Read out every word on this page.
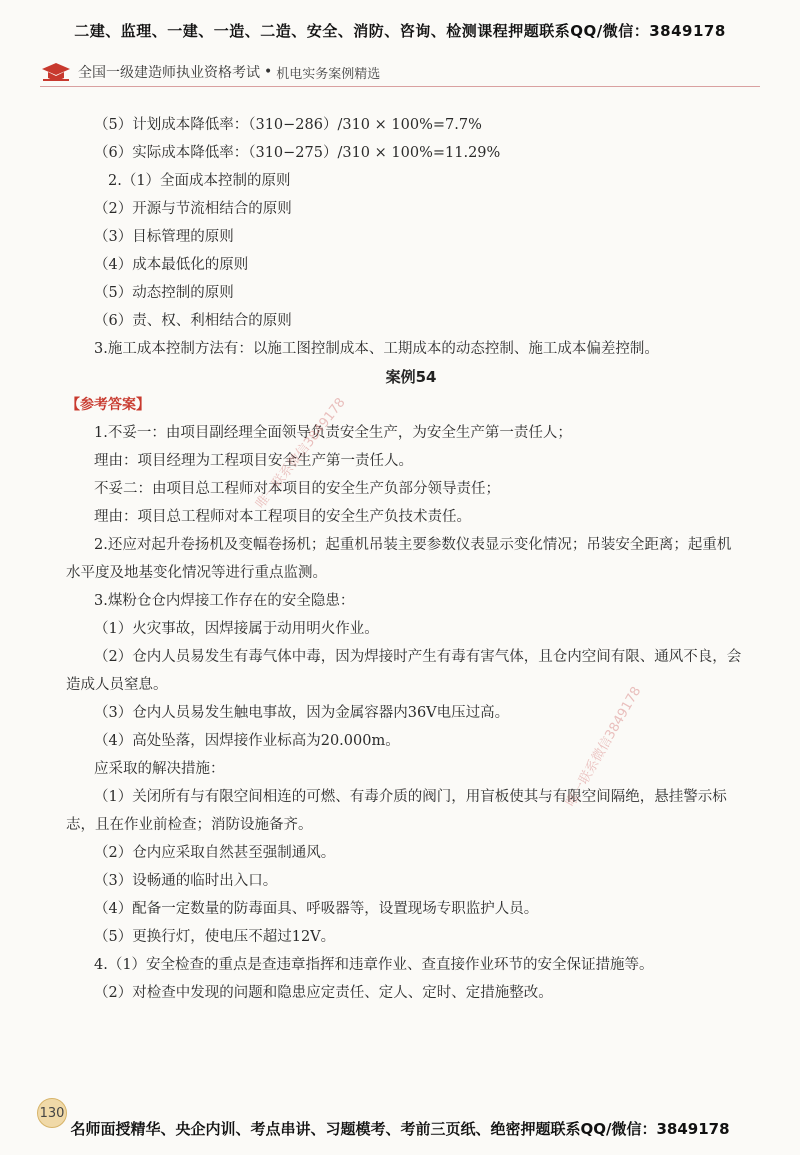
二建、监理、一建、一造、二造、安全、消防、咨询、检测课程押题联系QQ/微信：3849178
全国一级建造师执业资格考试 • 机电实务案例精选

（5）计划成本降低率：（310−286）/310 × 100%=7.7%

（6）实际成本降低率：（310−275）/310 × 100%=11.29%

2.（1）全面成本控制的原则

（2）开源与节流相结合的原则

（3）目标管理的原则

（4）成本最低化的原则

（5）动态控制的原则

（6）责、权、利相结合的原则

3.施工成本控制方法有：以施工图控制成本、工期成本的动态控制、施工成本偏差控制。

案例54

【参考答案】

1.不妥一：由项目副经理全面领导负责安全生产，为安全生产第一责任人；

理由：项目经理为工程项目安全生产第一责任人。

不妥二：由项目总工程师对本项目的安全生产负部分领导责任；

理由：项目总工程师对本工程项目的安全生产负技术责任。

2.还应对起升卷扬机及变幅卷扬机；起重机吊装主要参数仪表显示变化情况；吊装安全距离；起重机水平度及地基变化情况等进行重点监测。

3.煤粉仓仓内焊接工作存在的安全隐患：

（1）火灾事故，因焊接属于动用明火作业。

（2）仓内人员易发生有毒气体中毒，因为焊接时产生有毒有害气体，且仓内空间有限、通风不良，会造成人员窒息。

（3）仓内人员易发生触电事故，因为金属容器内36V电压过高。

（4）高处坠落，因焊接作业标高为20.000m。

应采取的解决措施：

（1）关闭所有与有限空间相连的可燃、有毒介质的阀门，用盲板使其与有限空间隔绝，悬挂警示标志，且在作业前检查；消防设施备齐。

（2）仓内应采取自然甚至强制通风。

（3）设畅通的临时出入口。

（4）配备一定数量的防毒面具、呼吸器等，设置现场专职监护人员。

（5）更换行灯，使电压不超过12V。

4.（1）安全检查的重点是查违章指挥和违章作业、查直接作业环节的安全保证措施等。

（2）对检查中发现的问题和隐患应定责任、定人、定时、定措施整改。

唯一联系微信3849178
唯一联系微信3849178
130
名师面授精华、央企内训、考点串讲、习题模考、考前三页纸、绝密押题联系QQ/微信：3849178
